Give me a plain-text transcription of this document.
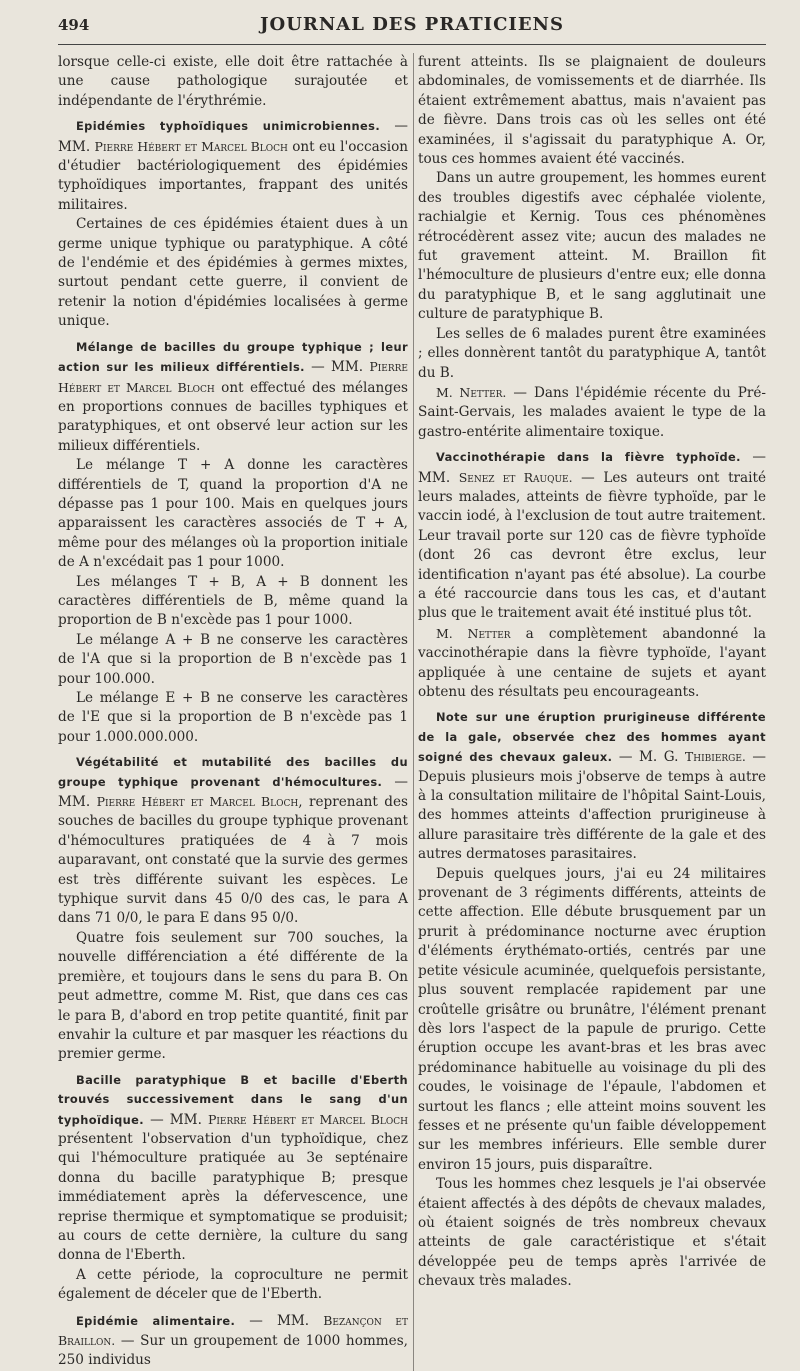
494	JOURNAL DES PRATICIENS

lorsque celle-ci existe, elle doit être rattachée à une cause pathologique surajoutée et indépendante de l'érythrémie.

Epidémies typhoïdiques unimicrobiennes. — MM. Pierre Hébert et Marcel Bloch ont eu l'occasion d'étudier bactériologiquement des épidémies typhoïdiques importantes, frappant des unités militaires.

Certaines de ces épidémies étaient dues à un germe unique typhique ou paratyphique. A côté de l'endémie et des épidémies à germes mixtes, surtout pendant cette guerre, il convient de retenir la notion d'épidémies localisées à germe unique.

Mélange de bacilles du groupe typhique ; leur action sur les milieux différentiels. — MM. Pierre Hébert et Marcel Bloch ont effectué des mélanges en proportions connues de bacilles typhiques et paratyphiques, et ont observé leur action sur les milieux différentiels.

Le mélange T + A donne les caractères différentiels de T, quand la proportion d'A ne dépasse pas 1 pour 100. Mais en quelques jours apparaissent les caractères associés de T + A, même pour des mélanges où la proportion initiale de A n'excédait pas 1 pour 1000.

Les mélanges T + B, A + B donnent les caractères différentiels de B, même quand la proportion de B n'excède pas 1 pour 1000.

Le mélange A + B ne conserve les caractères de l'A que si la proportion de B n'excède pas 1 pour 100.000.

Le mélange E + B ne conserve les caractères de l'E que si la proportion de B n'excède pas 1 pour 1.000.000.000.

Végétabilité et mutabilité des bacilles du groupe typhique provenant d'hémocultures. — MM. Pierre Hébert et Marcel Bloch, reprenant des souches de bacilles du groupe typhique provenant d'hémocultures pratiquées de 4 à 7 mois auparavant, ont constaté que la survie des germes est très différente suivant les espèces. Le typhique survit dans 45 0/0 des cas, le para A dans 71 0/0, le para E dans 95 0/0.

Quatre fois seulement sur 700 souches, la nouvelle différenciation a été différente de la première, et toujours dans le sens du para B. On peut admettre, comme M. Rist, que dans ces cas le para B, d'abord en trop petite quantité, finit par envahir la culture et par masquer les réactions du premier germe.

Bacille paratyphique B et bacille d'Eberth trouvés successivement dans le sang d'un typhoïdique. — MM. Pierre Hébert et Marcel Bloch présentent l'observation d'un typhoïdique, chez qui l'hémoculture pratiquée au 3e septénaire donna du bacille paratyphique B; presque immédiatement après la défervescence, une reprise thermique et symptomatique se produisit; au cours de cette dernière, la culture du sang donna de l'Eberth.

A cette période, la coproculture ne permit également de déceler que de l'Eberth.

Epidémie alimentaire. — MM. Bezançon et Braillon. — Sur un groupement de 1000 hommes, 250 individus

furent atteints. Ils se plaignaient de douleurs abdominales, de vomissements et de diarrhée. Ils étaient extrêmement abattus, mais n'avaient pas de fièvre. Dans trois cas où les selles ont été examinées, il s'agissait du paratyphique A. Or, tous ces hommes avaient été vaccinés.

Dans un autre groupement, les hommes eurent des troubles digestifs avec céphalée violente, rachialgie et Kernig. Tous ces phénomènes rétrocédèrent assez vite; aucun des malades ne fut gravement atteint. M. Braillon fit l'hémoculture de plusieurs d'entre eux; elle donna du paratyphique B, et le sang agglutinait une culture de paratyphique B.

Les selles de 6 malades purent être examinées ; elles donnèrent tantôt du paratyphique A, tantôt du B.

M. Netter. — Dans l'épidémie récente du Pré-Saint-Gervais, les malades avaient le type de la gastro-entérite alimentaire toxique.

Vaccinothérapie dans la fièvre typhoïde. — MM. Senez et Rauque. — Les auteurs ont traité leurs malades, atteints de fièvre typhoïde, par le vaccin iodé, à l'exclusion de tout autre traitement. Leur travail porte sur 120 cas de fièvre typhoïde (dont 26 cas devront être exclus, leur identification n'ayant pas été absolue). La courbe a été raccourcie dans tous les cas, et d'autant plus que le traitement avait été institué plus tôt.

M. Netter a complètement abandonné la vaccinothérapie dans la fièvre typhoïde, l'ayant appliquée à une centaine de sujets et ayant obtenu des résultats peu encourageants.

Note sur une éruption prurigineuse différente de la gale, observée chez des hommes ayant soigné des chevaux galeux. — M. G. Thibierge. — Depuis plusieurs mois j'observe de temps à autre à la consultation militaire de l'hôpital Saint-Louis, des hommes atteints d'affection prurigineuse à allure parasitaire très différente de la gale et des autres dermatoses parasitaires.

Depuis quelques jours, j'ai eu 24 militaires provenant de 3 régiments différents, atteints de cette affection. Elle débute brusquement par un prurit à prédominance nocturne avec éruption d'éléments érythémato-ortiés, centrés par une petite vésicule acuminée, quelquefois persistante, plus souvent remplacée rapidement par une croûtelle grisâtre ou brunâtre, l'élément prenant dès lors l'aspect de la papule de prurigo. Cette éruption occupe les avant-bras et les bras avec prédominance habituelle au voisinage du pli des coudes, le voisinage de l'épaule, l'abdomen et surtout les flancs ; elle atteint moins souvent les fesses et ne présente qu'un faible développement sur les membres inférieurs. Elle semble durer environ 15 jours, puis disparaître.

Tous les hommes chez lesquels je l'ai observée étaient affectés à des dépôts de chevaux malades, où étaient soignés de très nombreux chevaux atteints de gale caractéristique et s'était développée peu de temps après l'arrivée de chevaux très malades.
